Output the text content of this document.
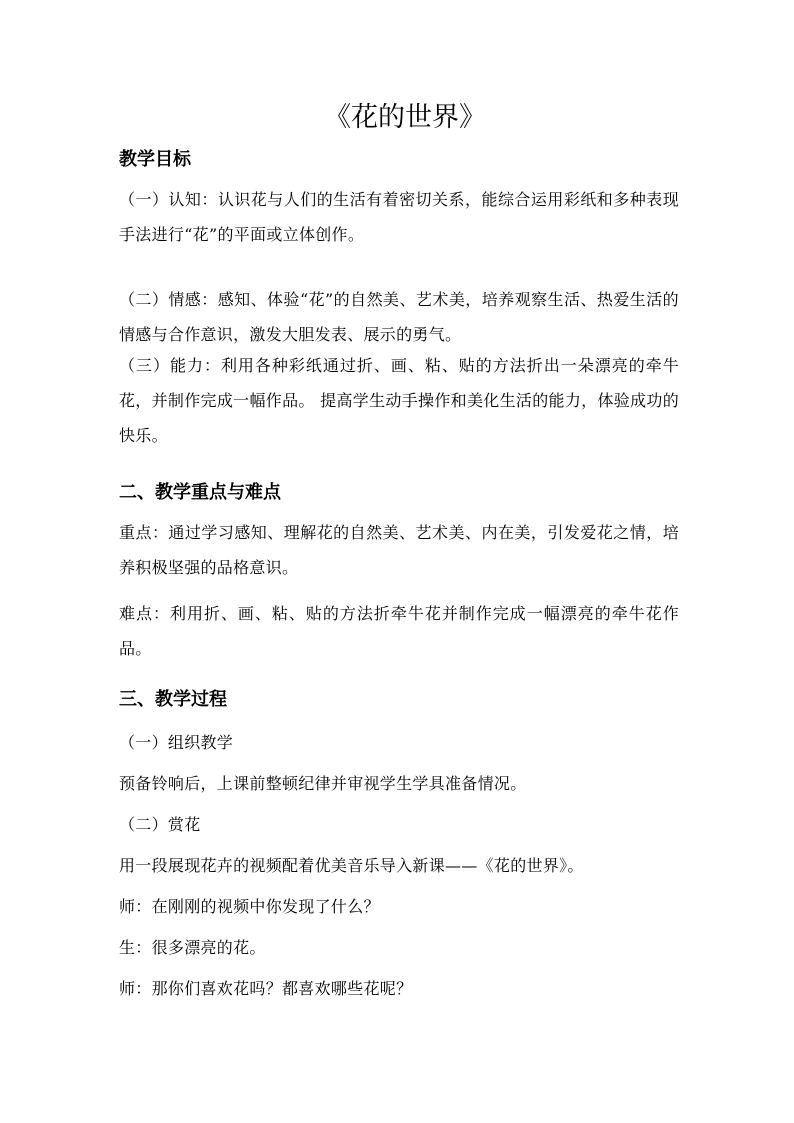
《花的世界》
教学目标

（一）认知：认识花与人们的生活有着密切关系，能综合运用彩纸和多种表现手法进行“花”的平面或立体创作。

（二）情感：感知、体验“花”的自然美、艺术美，培养观察生活、热爱生活的情感与合作意识，激发大胆发表、展示的勇气。

（三）能力：利用各种彩纸通过折、画、粘、贴的方法折出一朵漂亮的牵牛花，并制作完成一幅作品。 提高学生动手操作和美化生活的能力，体验成功的快乐。

二、教学重点与难点

重点：通过学习感知、理解花的自然美、艺术美、内在美，引发爱花之情，培养积极坚强的品格意识。

难点：利用折、画、粘、贴的方法折牵牛花并制作完成一幅漂亮的牵牛花作品。

三、教学过程

（一）组织教学

预备铃响后，上课前整顿纪律并审视学生学具准备情况。

（二）赏花

用一段展现花卉的视频配着优美音乐导入新课——《花的世界》。

师：在刚刚的视频中你发现了什么？

生：很多漂亮的花。

师：那你们喜欢花吗？都喜欢哪些花呢？
